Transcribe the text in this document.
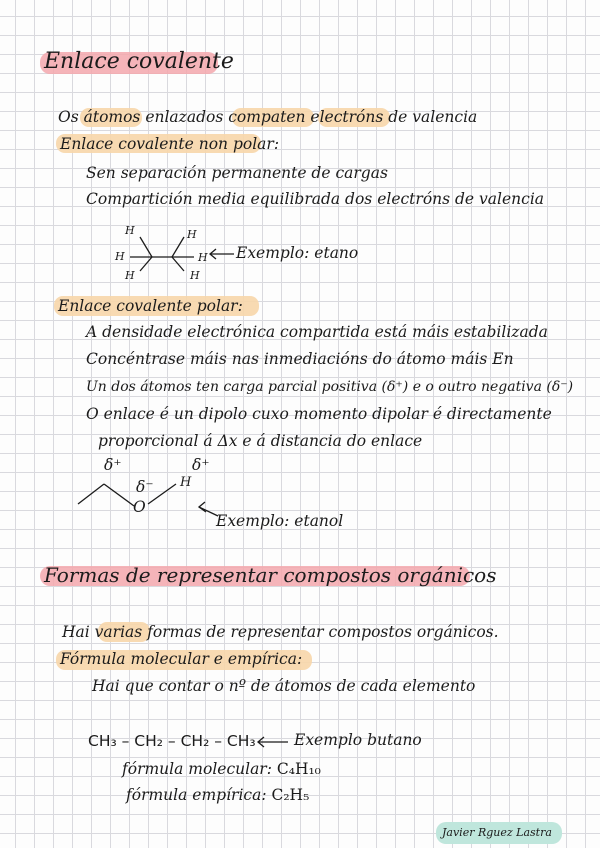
Enlace covalente
Os átomos enlazados compaten electróns de valencia
Enlace covalente non polar:
Sen separación permanente de cargas
Compartición media equilibrada dos electróns de valencia
H
H
H
H
H
H
Exemplo: etano
Enlace covalente polar:
A densidade electrónica compartida está máis estabilizada
Concéntrase máis nas inmediacións do átomo máis En
Un dos átomos ten carga parcial positiva (δ⁺) e o outro negativa (δ⁻)
O enlace é un dipolo cuxo momento dipolar é directamente
proporcional á Δx e á distancia do enlace
δ⁺
δ⁻
O
H
δ⁺
Exemplo: etanol
Formas de representar compostos orgánicos
Hai varias formas de representar compostos orgánicos.
Fórmula molecular e empírica:
Hai que contar o nº de átomos de cada elemento
CH₃ – CH₂ – CH₂ – CH₃ Exemplo butano
fórmula molecular: C₄H₁₀
fórmula empírica: C₂H₅
Javier Rguez Lastra
